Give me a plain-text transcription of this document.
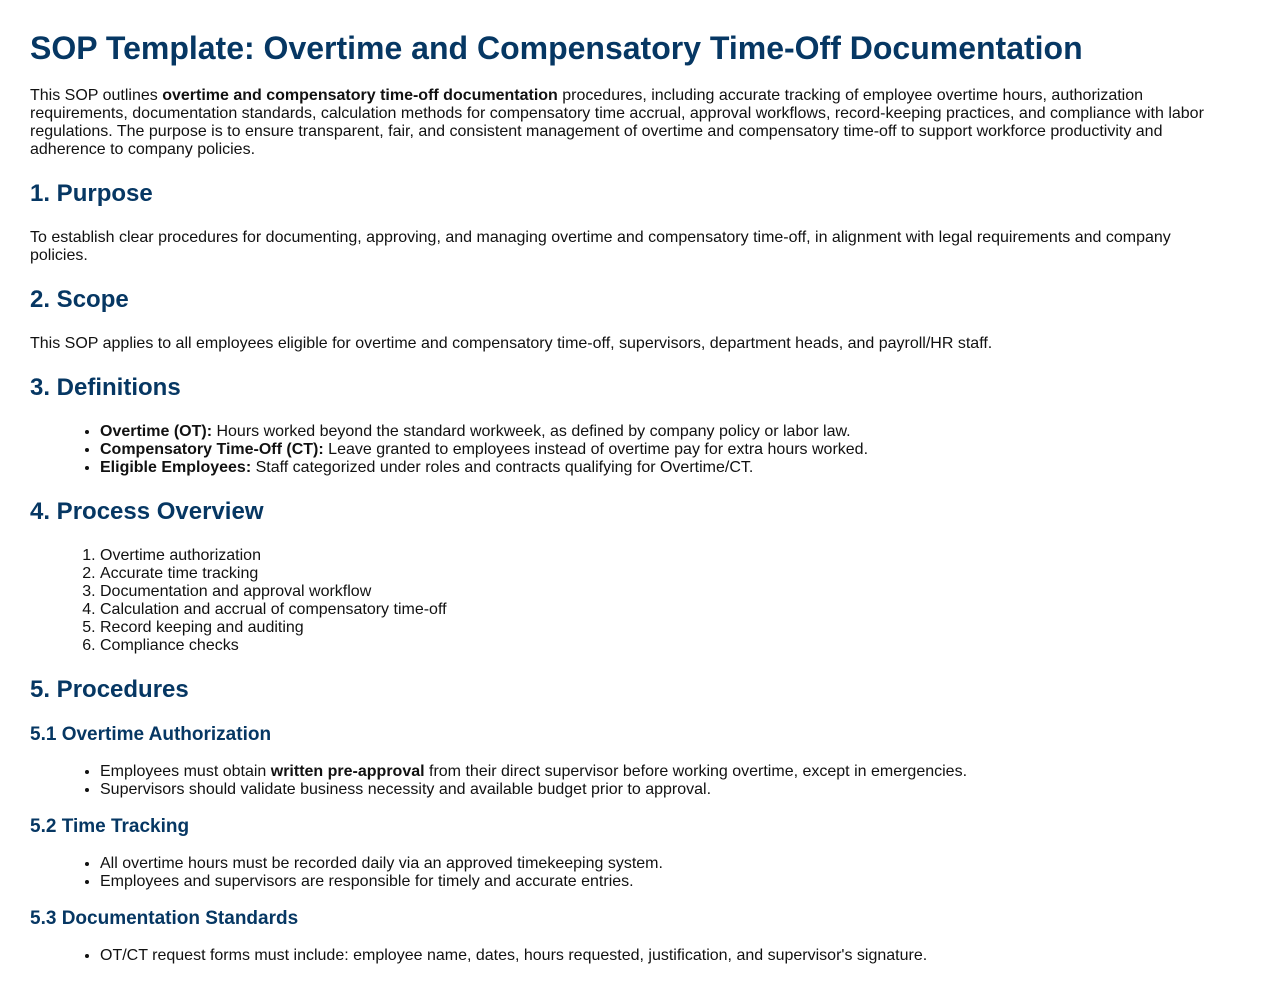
SOP Template: Overtime and Compensatory Time-Off Documentation

This SOP outlines overtime and compensatory time-off documentation procedures, including accurate tracking of employee overtime hours, authorization requirements, documentation standards, calculation methods for compensatory time accrual, approval workflows, record-keeping practices, and compliance with labor regulations. The purpose is to ensure transparent, fair, and consistent management of overtime and compensatory time-off to support workforce productivity and adherence to company policies.

1. Purpose

To establish clear procedures for documenting, approving, and managing overtime and compensatory time-off, in alignment with legal requirements and company policies.

2. Scope

This SOP applies to all employees eligible for overtime and compensatory time-off, supervisors, department heads, and payroll/HR staff.

3. Definitions
• Overtime (OT): Hours worked beyond the standard workweek, as defined by company policy or labor law.
• Compensatory Time-Off (CT): Leave granted to employees instead of overtime pay for extra hours worked.
• Eligible Employees: Staff categorized under roles and contracts qualifying for Overtime/CT.
4. Process Overview
1. Overtime authorization
2. Accurate time tracking
3. Documentation and approval workflow
4. Calculation and accrual of compensatory time-off
5. Record keeping and auditing
6. Compliance checks
5. Procedures
5.1 Overtime Authorization
• Employees must obtain written pre-approval from their direct supervisor before working overtime, except in emergencies.
• Supervisors should validate business necessity and available budget prior to approval.
5.2 Time Tracking
• All overtime hours must be recorded daily via an approved timekeeping system.
• Employees and supervisors are responsible for timely and accurate entries.
5.3 Documentation Standards
• OT/CT request forms must include: employee name, dates, hours requested, justification, and supervisor's signature.
